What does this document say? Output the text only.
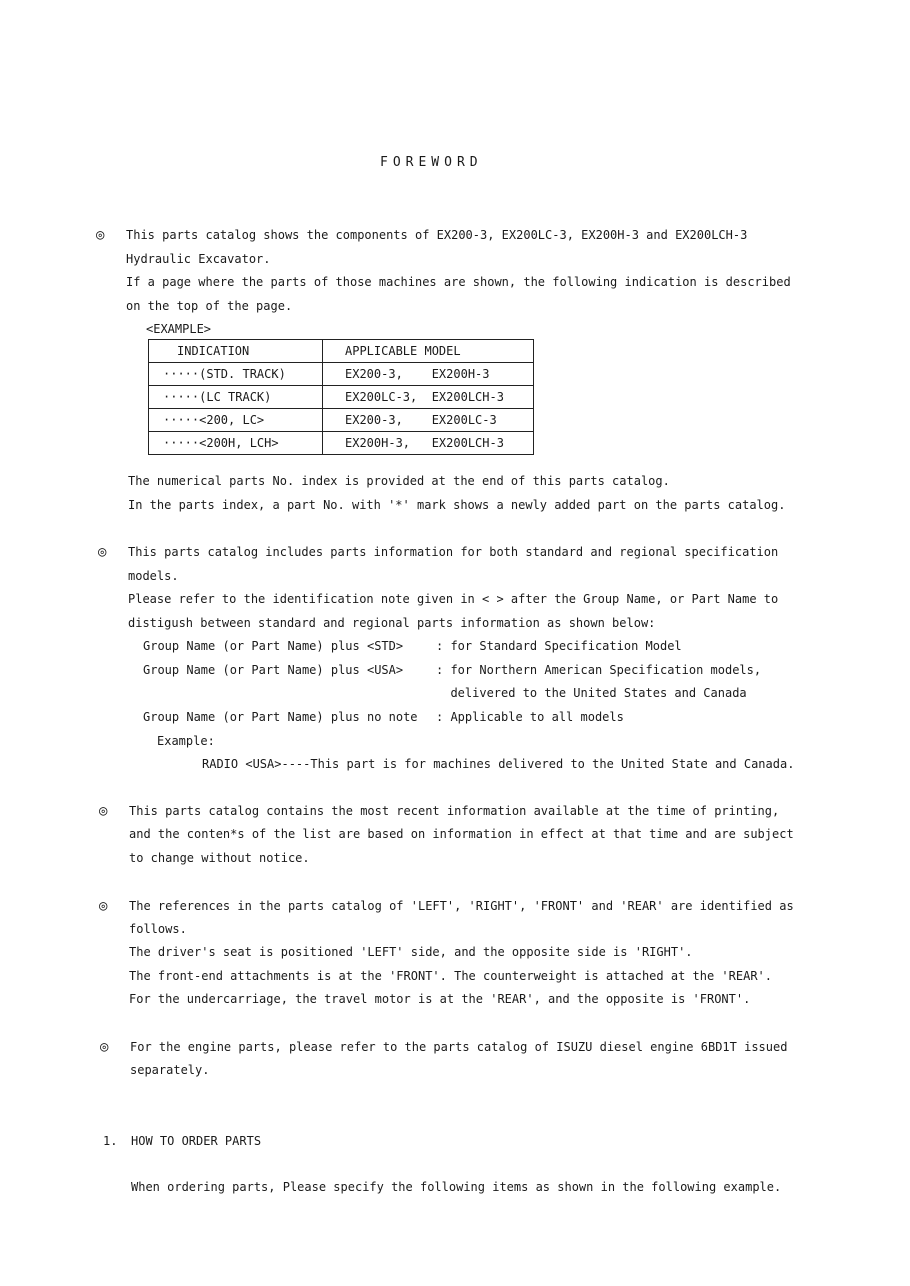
FOREWORD
◎ This parts catalog shows the components of EX200-3, EX200LC-3, EX200H-3 and EX200LCH-3
Hydraulic Excavator.
If a page where the parts of those machines are shown, the following indication is described
on the top of the page.
<EXAMPLE>
INDICATION	APPLICABLE MODEL
·····(STD. TRACK)	EX200-3,    EX200H-3
·····(LC TRACK)	EX200LC-3,  EX200LCH-3
·····<200, LC>	EX200-3,    EX200LC-3
·····<200H, LCH>	EX200H-3,   EX200LCH-3
The numerical parts No. index is provided at the end of this parts catalog.
In the parts index, a part No. with '*' mark shows a newly added part on the parts catalog.
◎ This parts catalog includes parts information for both standard and regional specification
models.
Please refer to the identification note given in < > after the Group Name, or Part Name to
distigush between standard and regional parts information as shown below:
Group Name (or Part Name) plus <STD>	: for Standard Specification Model
Group Name (or Part Name) plus <USA>	: for Northern American Specification models,
delivered to the United States and Canada
Group Name (or Part Name) plus no note : Applicable to all models
Example:
RADIO <USA>----This part is for machines delivered to the United State and Canada.
◎ This parts catalog contains the most recent information available at the time of printing,
and the conten*s of the list are based on information in effect at that time and are subject
to change without notice.
◎ The references in the parts catalog of 'LEFT', 'RIGHT', 'FRONT' and 'REAR' are identified as
follows.
The driver's seat is positioned 'LEFT' side, and the opposite side is 'RIGHT'.
The front-end attachments is at the 'FRONT'. The counterweight is attached at the 'REAR'.
For the undercarriage, the travel motor is at the 'REAR', and the opposite is 'FRONT'.
◎ For the engine parts, please refer to the parts catalog of ISUZU diesel engine 6BD1T issued
separately.
1. HOW TO ORDER PARTS
When ordering parts, Please specify the following items as shown in the following example.
